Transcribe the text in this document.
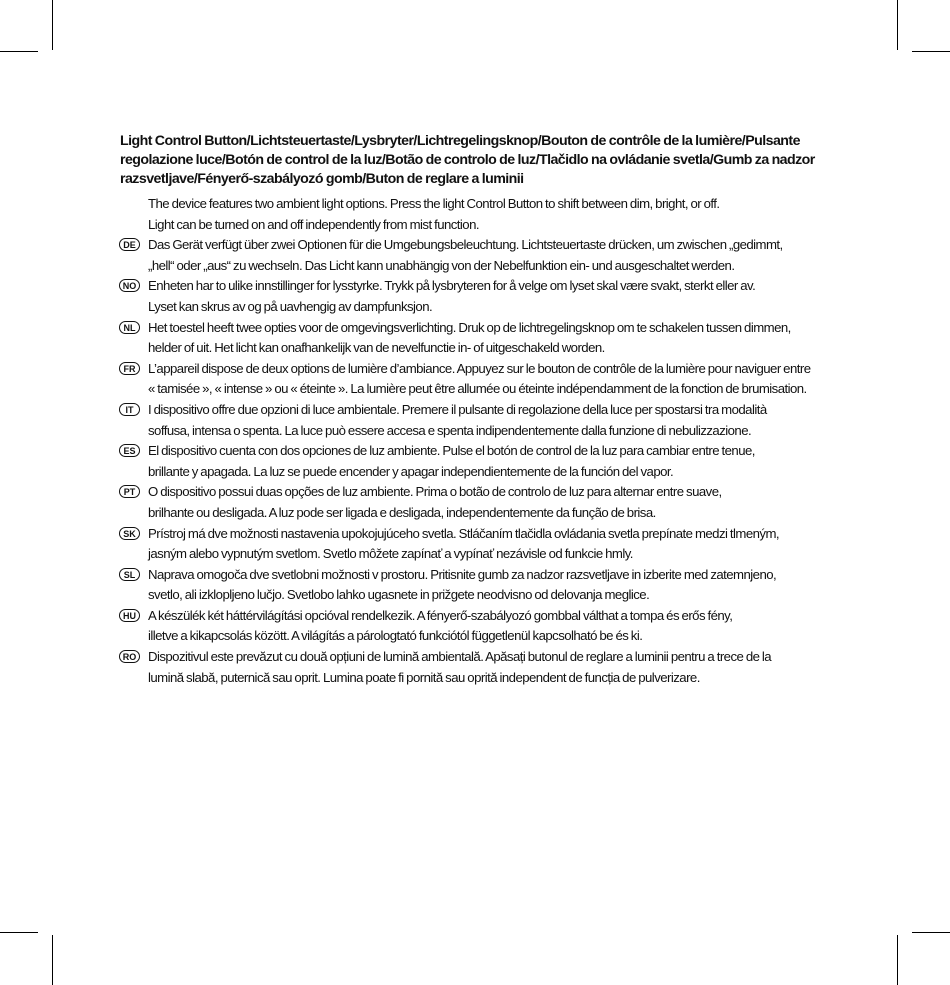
Light Control Button/Lichtsteuertaste/Lysbryter/Lichtregelingsknop/Bouton de contrôle de la lumière/Pulsante regolazione luce/Botón de control de la luz/Botão de controlo de luz/Tlačidlo na ovládanie svetla/Gumb za nadzor razsvetljave/Fényerő-szabályozó gomb/Buton de reglare a luminii

The device features two ambient light options. Press the light Control Button to shift between dim, bright, or off.

Light can be turned on and off independently from mist function.

DE Das Gerät verfügt über zwei Optionen für die Umgebungsbeleuchtung. Lichtsteuertaste drücken, um zwischen „gedimmt,

„hell“ oder „aus“ zu wechseln. Das Licht kann unabhängig von der Nebelfunktion ein- und ausgeschaltet werden.

NO Enheten har to ulike innstillinger for lysstyrke. Trykk på lysbryteren for å velge om lyset skal være svakt, sterkt eller av.

Lyset kan skrus av og på uavhengig av dampfunksjon.

NL Het toestel heeft twee opties voor de omgevingsverlichting. Druk op de lichtregelingsknop om te schakelen tussen dimmen,

helder of uit. Het licht kan onafhankelijk van de nevelfunctie in- of uitgeschakeld worden.

FR L’appareil dispose de deux options de lumière d’ambiance. Appuyez sur le bouton de contrôle de la lumière pour naviguer entre

« tamisée », « intense » ou « éteinte ». La lumière peut être allumée ou éteinte indépendamment de la fonction de brumisation.

IT	I dispositivo offre due opzioni di luce ambientale. Premere il pulsante di regolazione della luce per spostarsi tra modalità

soffusa, intensa o spenta. La luce può essere accesa e spenta indipendentemente dalla funzione di nebulizzazione.

ES El dispositivo cuenta con dos opciones de luz ambiente. Pulse el botón de control de la luz para cambiar entre tenue,

brillante y apagada. La luz se puede encender y apagar independientemente de la función del vapor.

PT O dispositivo possui duas opções de luz ambiente. Prima o botão de controlo de luz para alternar entre suave,

brilhante ou desligada. A luz pode ser ligada e desligada, independentemente da função de brisa.

SK Prístroj má dve možnosti nastavenia upokojujúceho svetla. Stláčaním tlačidla ovládania svetla prepínate medzi tlmeným,

jasným alebo vypnutým svetlom. Svetlo môžete zapínať a vypínať nezávisle od funkcie hmly.

SL Naprava omogoča dve svetlobni možnosti v prostoru. Pritisnite gumb za nadzor razsvetljave in izberite med zatemnjeno,

svetlo, ali izklopljeno lučjo. Svetlobo lahko ugasnete in prižgete neodvisno od delovanja meglice.

HU A készülék két háttérvilágítási opcióval rendelkezik. A fényerő-szabályozó gombbal válthat a tompa és erős fény,

illetve a kikapcsolás között. A világítás a párologtató funkciótól függetlenül kapcsolható be és ki.

RO Dispozitivul este prevăzut cu două opțiuni de lumină ambientală. Apăsați butonul de reglare a luminii pentru a trece de la

lumină slabă, puternică sau oprit. Lumina poate fi pornită sau oprită independent de funcția de pulverizare.
